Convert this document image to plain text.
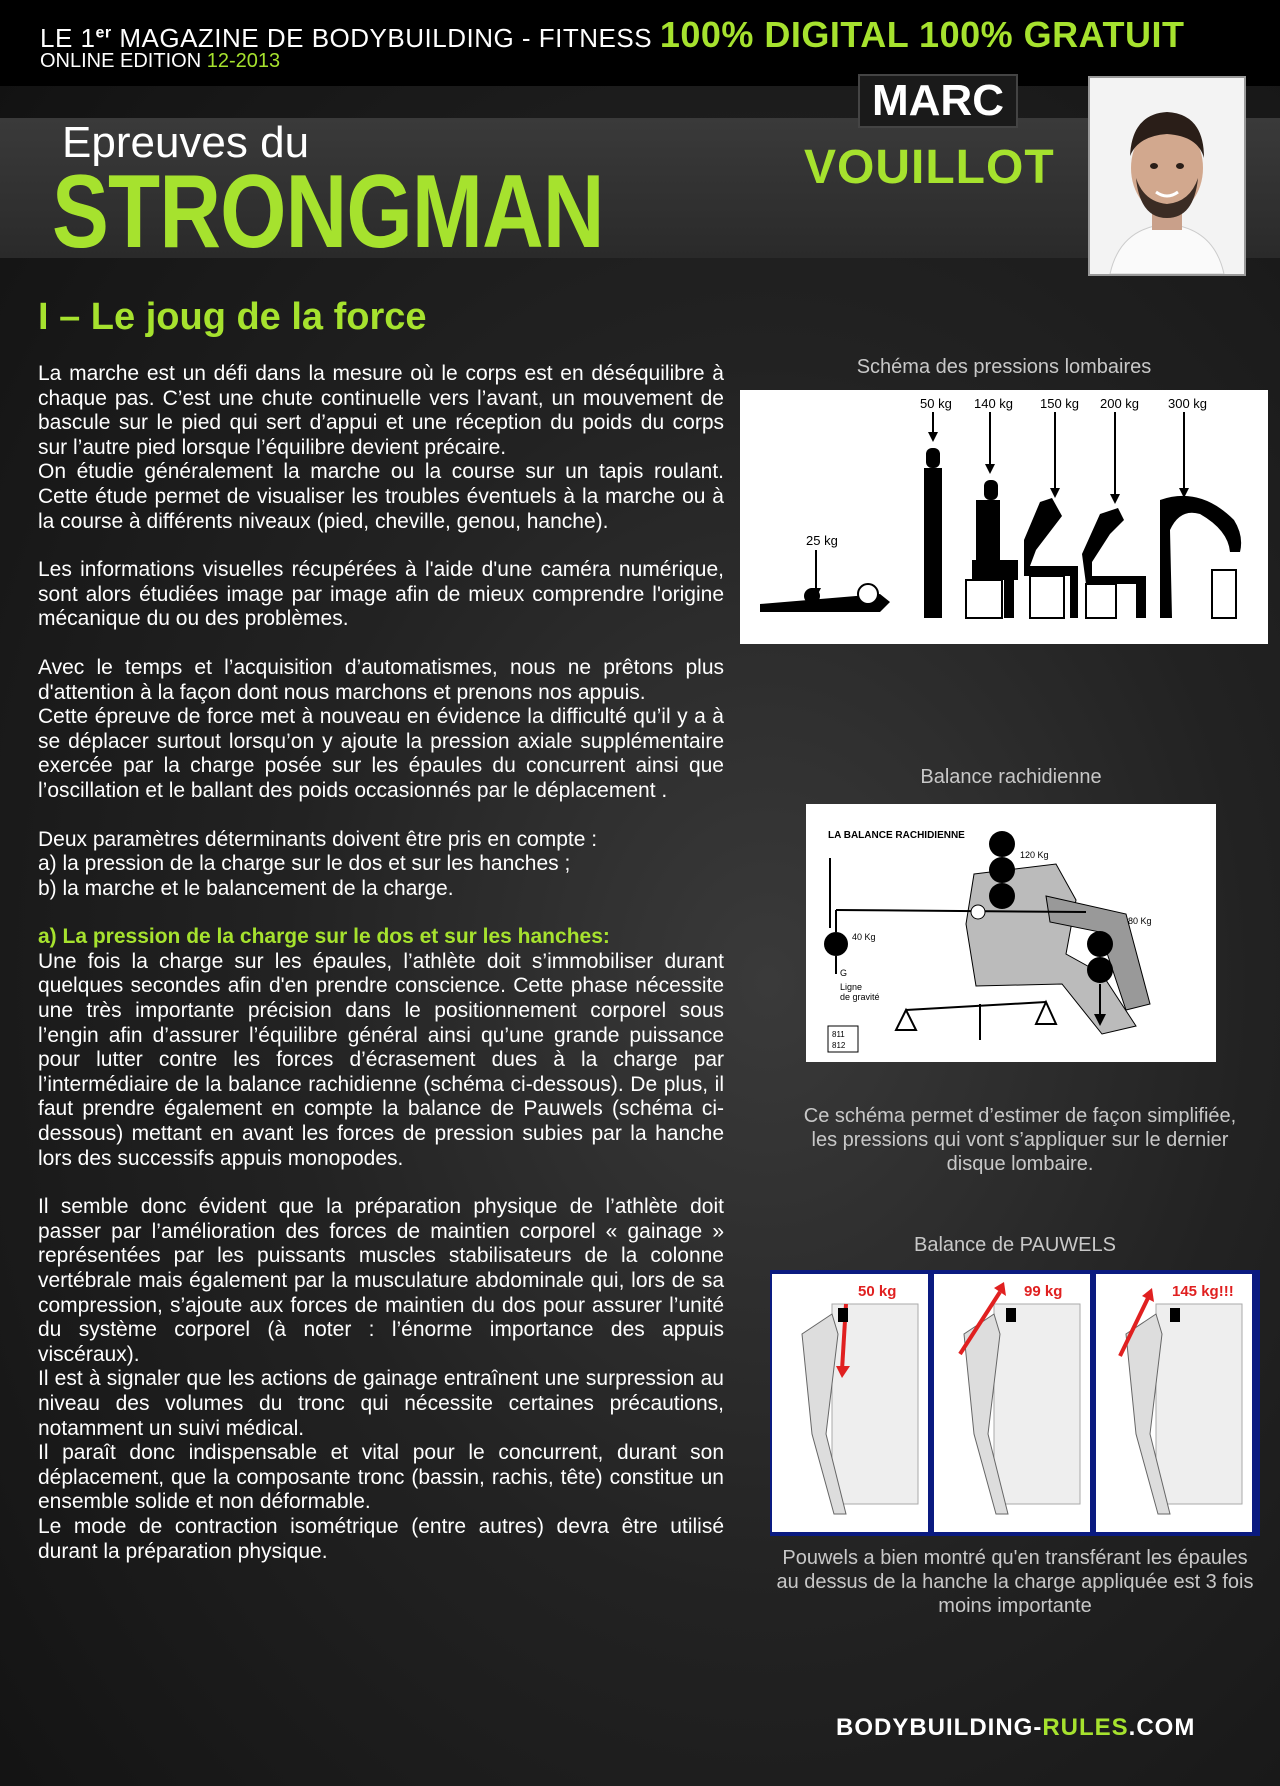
LE 1er MAGAZINE DE BODYBUILDING - FITNESS 100% DIGITAL 100% GRATUIT
ONLINE EDITION 12-2013
Epreuves du
STRONGMAN
MARC
VOUILLOT
I – Le joug de la force

La marche est un défi dans la mesure où le corps est en déséquilibre à chaque pas. C’est une chute continuelle vers l’avant, un mouvement de bascule sur le pied qui sert d’appui et une réception du poids du corps sur l’autre pied lorsque l’équilibre devient précaire.

On étudie généralement la marche ou la course sur un tapis roulant. Cette étude permet de visualiser les troubles éventuels à la marche ou à la course à différents niveaux (pied, cheville, genou, hanche).

Les informations visuelles récupérées à l'aide d'une caméra numérique, sont alors étudiées image par image afin de mieux comprendre l'origine mécanique du ou des problèmes.

Avec le temps et l’acquisition d’automatismes, nous ne prêtons plus d'attention à la façon dont nous marchons et prenons nos appuis.

Cette épreuve de force met à nouveau en évidence la difficulté qu’il y a à se déplacer surtout lorsqu’on y ajoute la pression axiale supplémentaire exercée par la charge posée sur les épaules du concurrent ainsi que l’oscillation et le ballant des poids occasionnés par le déplacement .

Deux paramètres déterminants doivent être pris en compte :

a) la pression de la charge sur le dos et sur les hanches ;

b) la marche et le balancement de la charge.

a) La pression de la charge sur le dos et sur les hanches:

Une fois la charge sur les épaules, l’athlète doit s’immobiliser durant quelques secondes afin d'en prendre conscience. Cette phase nécessite une très importante précision dans le positionnement corporel sous l’engin afin d’assurer l’équilibre général ainsi qu’une grande puissance pour lutter contre les forces d’écrasement dues à la charge par l’intermédiaire de la balance rachidienne (schéma ci-dessous). De plus, il faut prendre également en compte la balance de Pauwels (schéma ci-dessous) mettant en avant les forces de pression subies par la hanche lors des successifs appuis monopodes.

Il semble donc évident que la préparation physique de l’athlète doit passer par l’amélioration des forces de maintien corporel « gainage » représentées par les puissants muscles stabilisateurs de la colonne vertébrale mais également par la musculature abdominale qui, lors de sa compression, s’ajoute aux forces de maintien du dos pour assurer l’unité du système corporel (à noter : l’énorme importance des appuis viscéraux).

Il est à signaler que les actions de gainage entraînent une surpression au niveau des volumes du tronc qui nécessite certaines précautions, notamment un suivi médical.

Il paraît donc indispensable et vital pour le concurrent, durant son déplacement, que la composante tronc (bassin, rachis, tête) constitue un ensemble solide et non déformable.

Le mode de contraction isométrique (entre autres) devra être utilisé durant la préparation physique.

Schéma des pressions lombaires
50 kg 140 kg 150 kg 200 kg 300 kg
25 kg
Balance rachidienne
LA BALANCE RACHIDIENNE
120 Kg
80 Kg
40 Kg
G
Ligne
de gravité
811
812
Ce schéma permet d’estimer de façon simplifiée, les pressions qui vont s’appliquer sur le dernier disque lombaire.
Balance de PAUWELS
50 kg	99 kg	145 kg!!!
Pouwels a bien montré qu'en transférant les épaules au dessus de la hanche la charge appliquée est 3 fois moins importante
BODYBUILDING-RULES.COM
